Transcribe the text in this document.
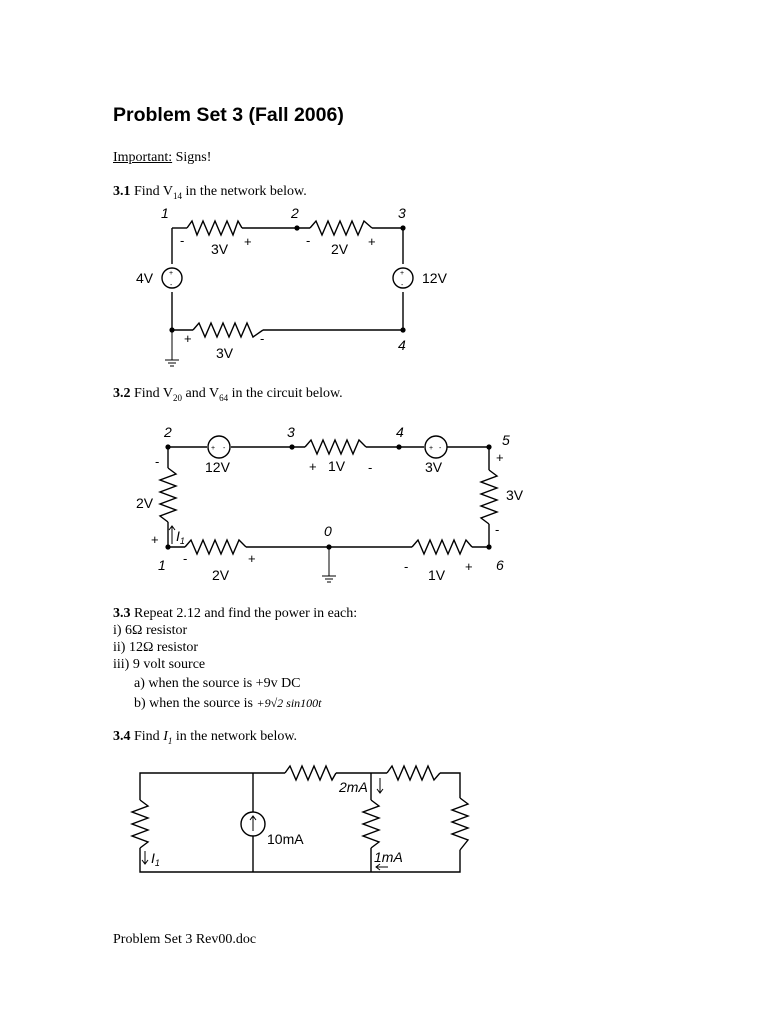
Problem Set 3 (Fall 2006)
Important: Signs!
3.1 Find $V_{14}$ in the network below.
+
-
+
-
1	2	3
4
-
3V +	-
2V +
4V	12V
+
3V
-
3.2 Find $V_{20}$ and $V_{64}$ in the circuit below.
+ -	+ -
2	3	4	5
0
1	6
12V	+ 1V -	3V
+
3V
-
-
2V
+ $I_1$
-
2V
+
-
1V
+
3.3 Repeat 2.12 and find the power in each:
i) 6Ω resistor
ii) 12Ω resistor
iii) 9 volt source
a) when the source is +9v DC
b) when the source is +9√2 sin100t
3.4 Find $I_1$ in the network below.
2mA
10mA
1mA
$I_1$
Problem Set 3 Rev00.doc
